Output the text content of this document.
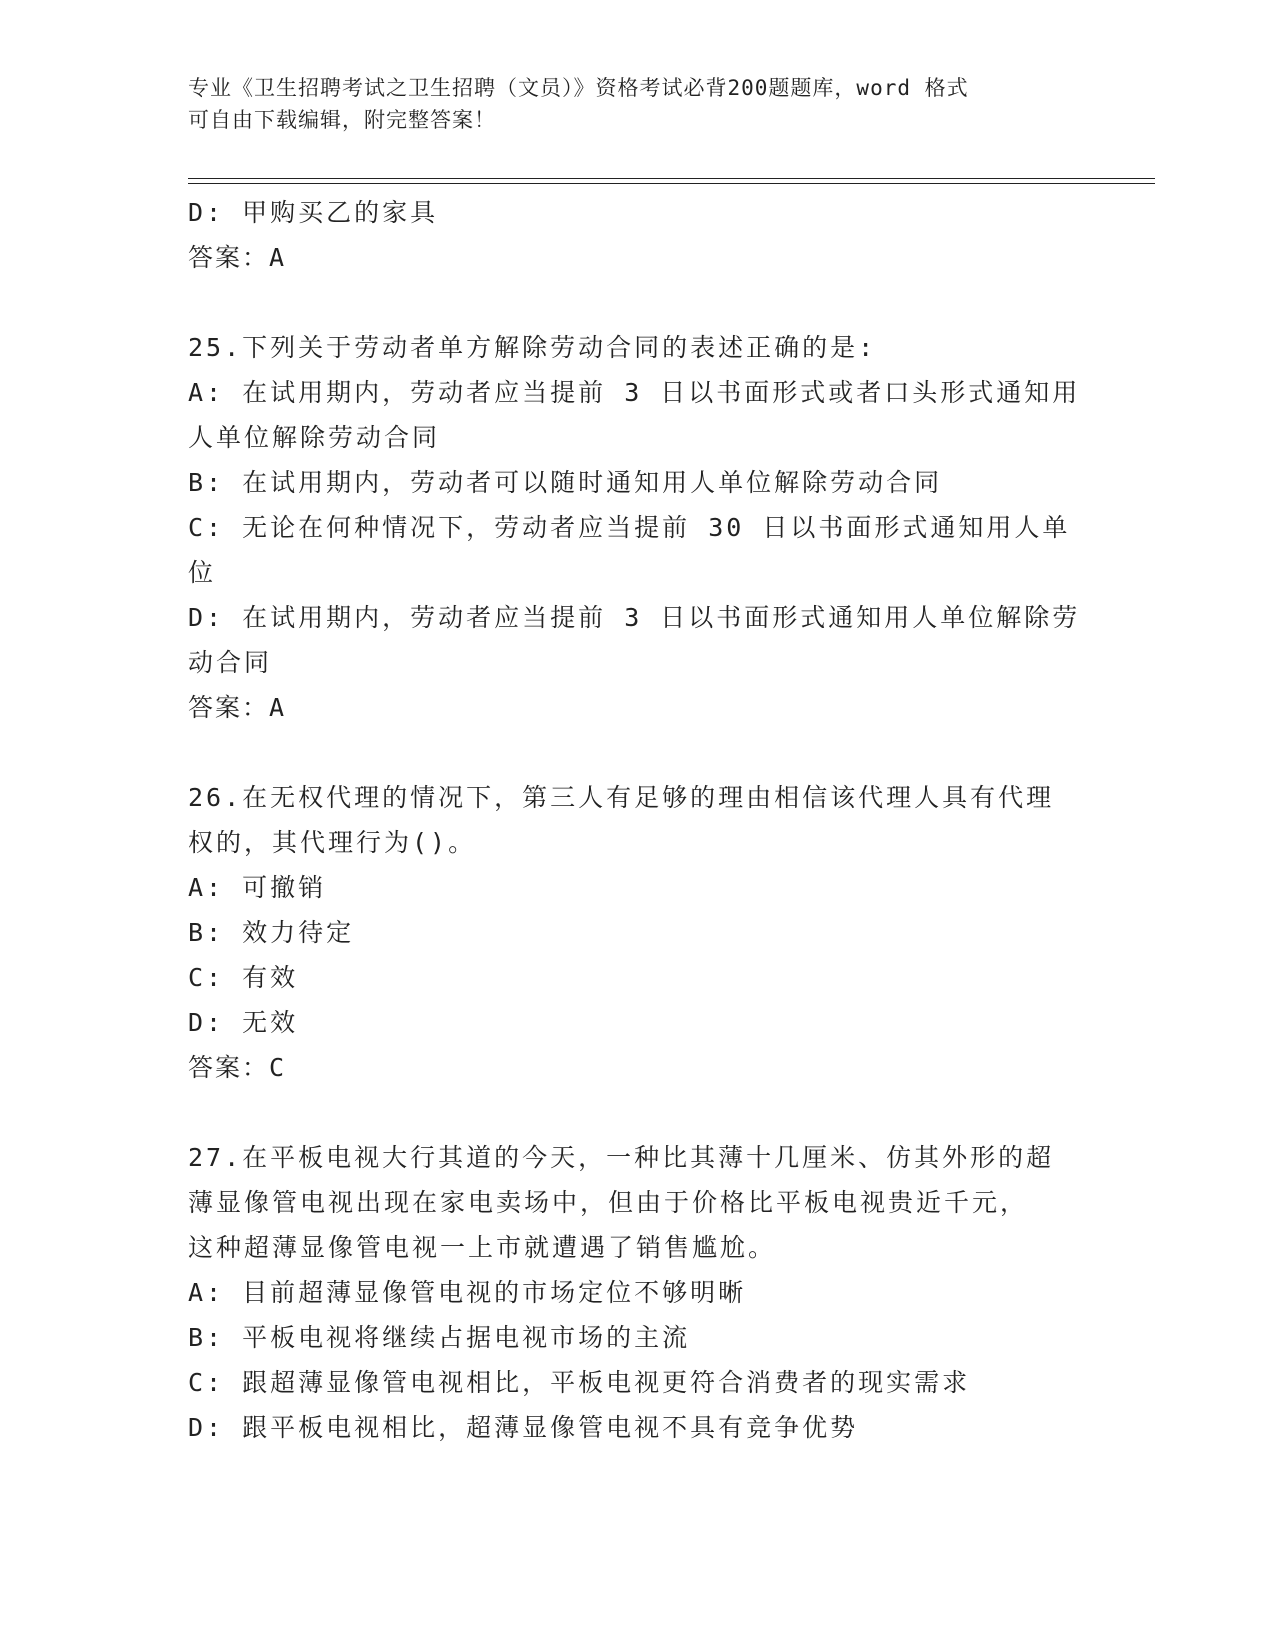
专业《卫生招聘考试之卫生招聘（文员）》资格考试必背200题题库，word 格式
可自由下载编辑，附完整答案！
D: 甲购买乙的家具
答案：A
25.下列关于劳动者单方解除劳动合同的表述正确的是:
A: 在试用期内，劳动者应当提前 3 日以书面形式或者口头形式通知用
人单位解除劳动合同
B: 在试用期内，劳动者可以随时通知用人单位解除劳动合同
C: 无论在何种情况下，劳动者应当提前 30 日以书面形式通知用人单
位
D: 在试用期内，劳动者应当提前 3 日以书面形式通知用人单位解除劳
动合同
答案：A
26.在无权代理的情况下，第三人有足够的理由相信该代理人具有代理
权的，其代理行为()。
A: 可撤销
B: 效力待定
C: 有效
D: 无效
答案：C
27.在平板电视大行其道的今天，一种比其薄十几厘米、仿其外形的超
薄显像管电视出现在家电卖场中，但由于价格比平板电视贵近千元，
这种超薄显像管电视一上市就遭遇了销售尴尬。
A: 目前超薄显像管电视的市场定位不够明晰
B: 平板电视将继续占据电视市场的主流
C: 跟超薄显像管电视相比，平板电视更符合消费者的现实需求
D: 跟平板电视相比，超薄显像管电视不具有竞争优势
